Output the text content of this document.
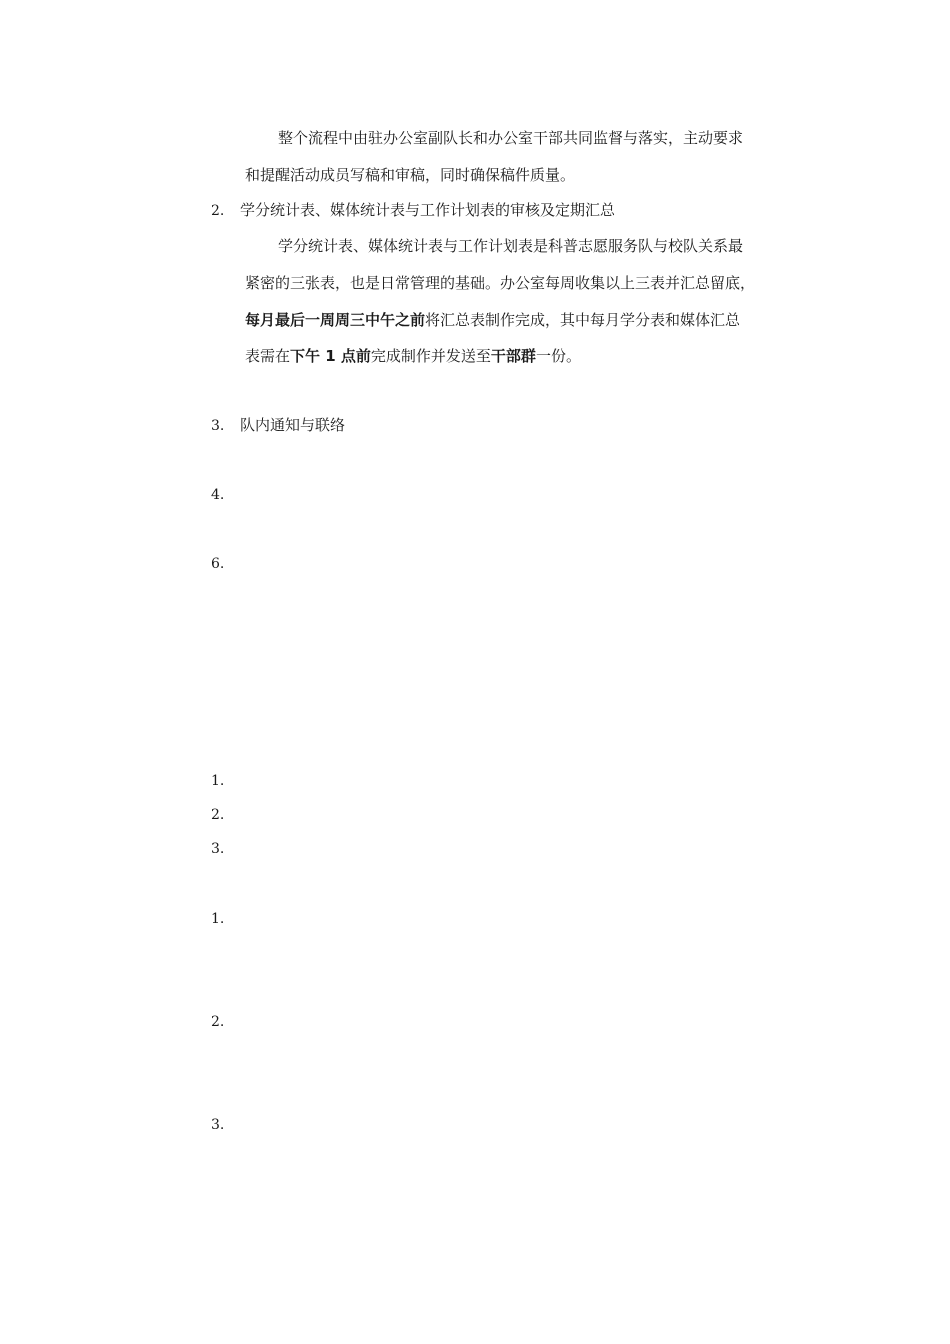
整个流程中由驻办公室副队长和办公室干部共同监督与落实，主动要求
和提醒活动成员写稿和审稿，同时确保稿件质量。
2. 学分统计表、媒体统计表与工作计划表的审核及定期汇总
学分统计表、媒体统计表与工作计划表是科普志愿服务队与校队关系最
紧密的三张表，也是日常管理的基础。办公室每周收集以上三表并汇总留底，
每月最后一周周三中午之前将汇总表制作完成，其中每月学分表和媒体汇总
表需在下午 1 点前完成制作并发送至干部群一份。
3. 队内通知与联络
4.
6.
1.
2.
3.
1.
2.
3.
